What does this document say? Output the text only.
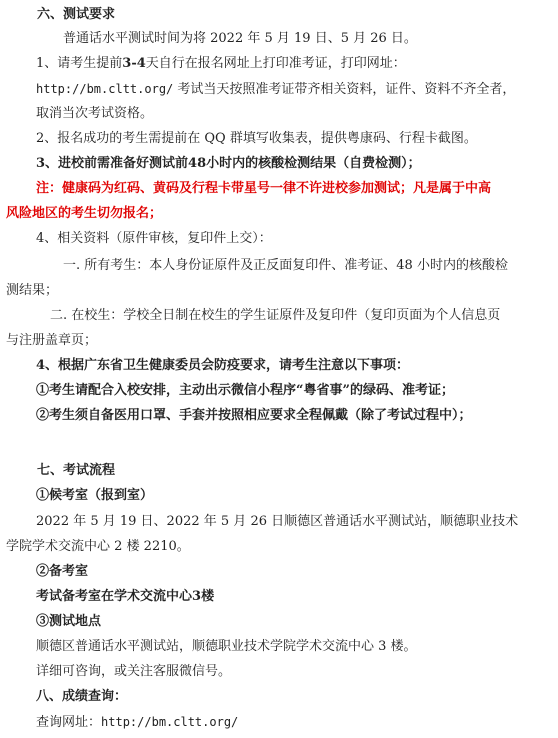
六、测试要求
普通话水平测试时间为将 2022 年 5 月 19 日、5 月 26 日。
1、请考生提前3-4天自行在报名网址上打印准考证，打印网址：
http://bm.cltt.org/ 考试当天按照准考证带齐相关资料，证件、资料不齐全者，
取消当次考试资格。
2、报名成功的考生需提前在 QQ 群填写收集表，提供粤康码、行程卡截图。
3、进校前需准备好测试前48小时内的核酸检测结果（自费检测）；
注：健康码为红码、黄码及行程卡带星号一律不许进校参加测试；凡是属于中高
风险地区的考生切勿报名；
4、相关资料（原件审核，复印件上交）：
一. 所有考生：本人身份证原件及正反面复印件、准考证、48 小时内的核酸检
测结果；
二. 在校生：学校全日制在校生的学生证原件及复印件（复印页面为个人信息页
与注册盖章页；
4、根据广东省卫生健康委员会防疫要求，请考生注意以下事项：
①考生请配合入校安排，主动出示微信小程序“粤省事”的绿码、准考证；
②考生须自备医用口罩、手套并按照相应要求全程佩戴（除了考试过程中）；
七、考试流程
①候考室（报到室）
2022 年 5 月 19 日、2022 年 5 月 26 日顺德区普通话水平测试站，顺德职业技术
学院学术交流中心 2 楼 2210。
②备考室
考试备考室在学术交流中心3楼
③测试地点
顺德区普通话水平测试站，顺德职业技术学院学术交流中心 3 楼。
详细可咨询，或关注客服微信号。
八、成绩查询：
查询网址：http://bm.cltt.org/
